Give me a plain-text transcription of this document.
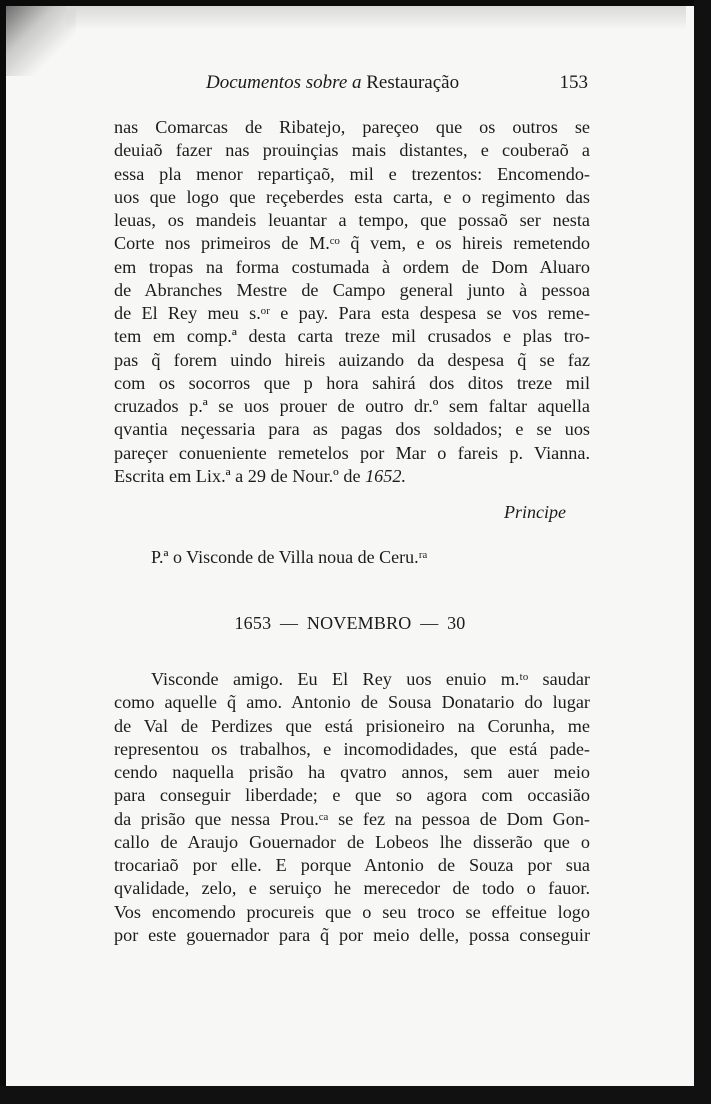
Documentos sobre a Restauração	153
nas Comarcas de Ribatejo, pareçeo que os outros se
deuiaõ fazer nas prouinçias mais distantes, e couberaõ a
essa pla menor repartiçaõ, mil e trezentos: Encomendo-
uos que logo que reçeberdes esta carta, e o regimento das
leuas, os mandeis leuantar a tempo, que possaõ ser nesta
Corte nos primeiros de M.ᶜᵒ q̃ vem, e os hireis remetendo
em tropas na forma costumada à ordem de Dom Aluaro
de Abranches Mestre de Campo general junto à pessoa
de El Rey meu s.ᵒʳ e pay. Para esta despesa se vos reme-
tem em comp.ª desta carta treze mil crusados e plas tro-
pas q̃ forem uindo hireis auizando da despesa q̃ se faz
com os socorros que p hora sahirá dos ditos treze mil
cruzados p.ª se uos prouer de outro dr.º sem faltar aquella
qvantia neçessaria para as pagas dos soldados; e se uos
pareçer conueniente remetelos por Mar o fareis p. Vianna.
Escrita em Lix.ª a 29 de Nour.º de 1652.
Principe
P.ª o Visconde de Villa noua de Ceru.ʳᵃ
1653 — NOVEMBRO — 30
Visconde amigo. Eu El Rey uos enuio m.ᵗᵒ saudar
como aquelle q̃ amo. Antonio de Sousa Donatario do lugar
de Val de Perdizes que está prisioneiro na Corunha, me
representou os trabalhos, e incomodidades, que está pade-
cendo naquella prisão ha qvatro annos, sem auer meio
para conseguir liberdade; e que so agora com occasião
da prisão que nessa Prou.ᶜᵃ se fez na pessoa de Dom Gon-
callo de Araujo Gouernador de Lobeos lhe disserão que o
trocariaõ por elle. E porque Antonio de Souza por sua
qvalidade, zelo, e seruiço he merecedor de todo o fauor.
Vos encomendo procureis que o seu troco se effeitue logo
por este gouernador para q̃ por meio delle, possa conseguir
